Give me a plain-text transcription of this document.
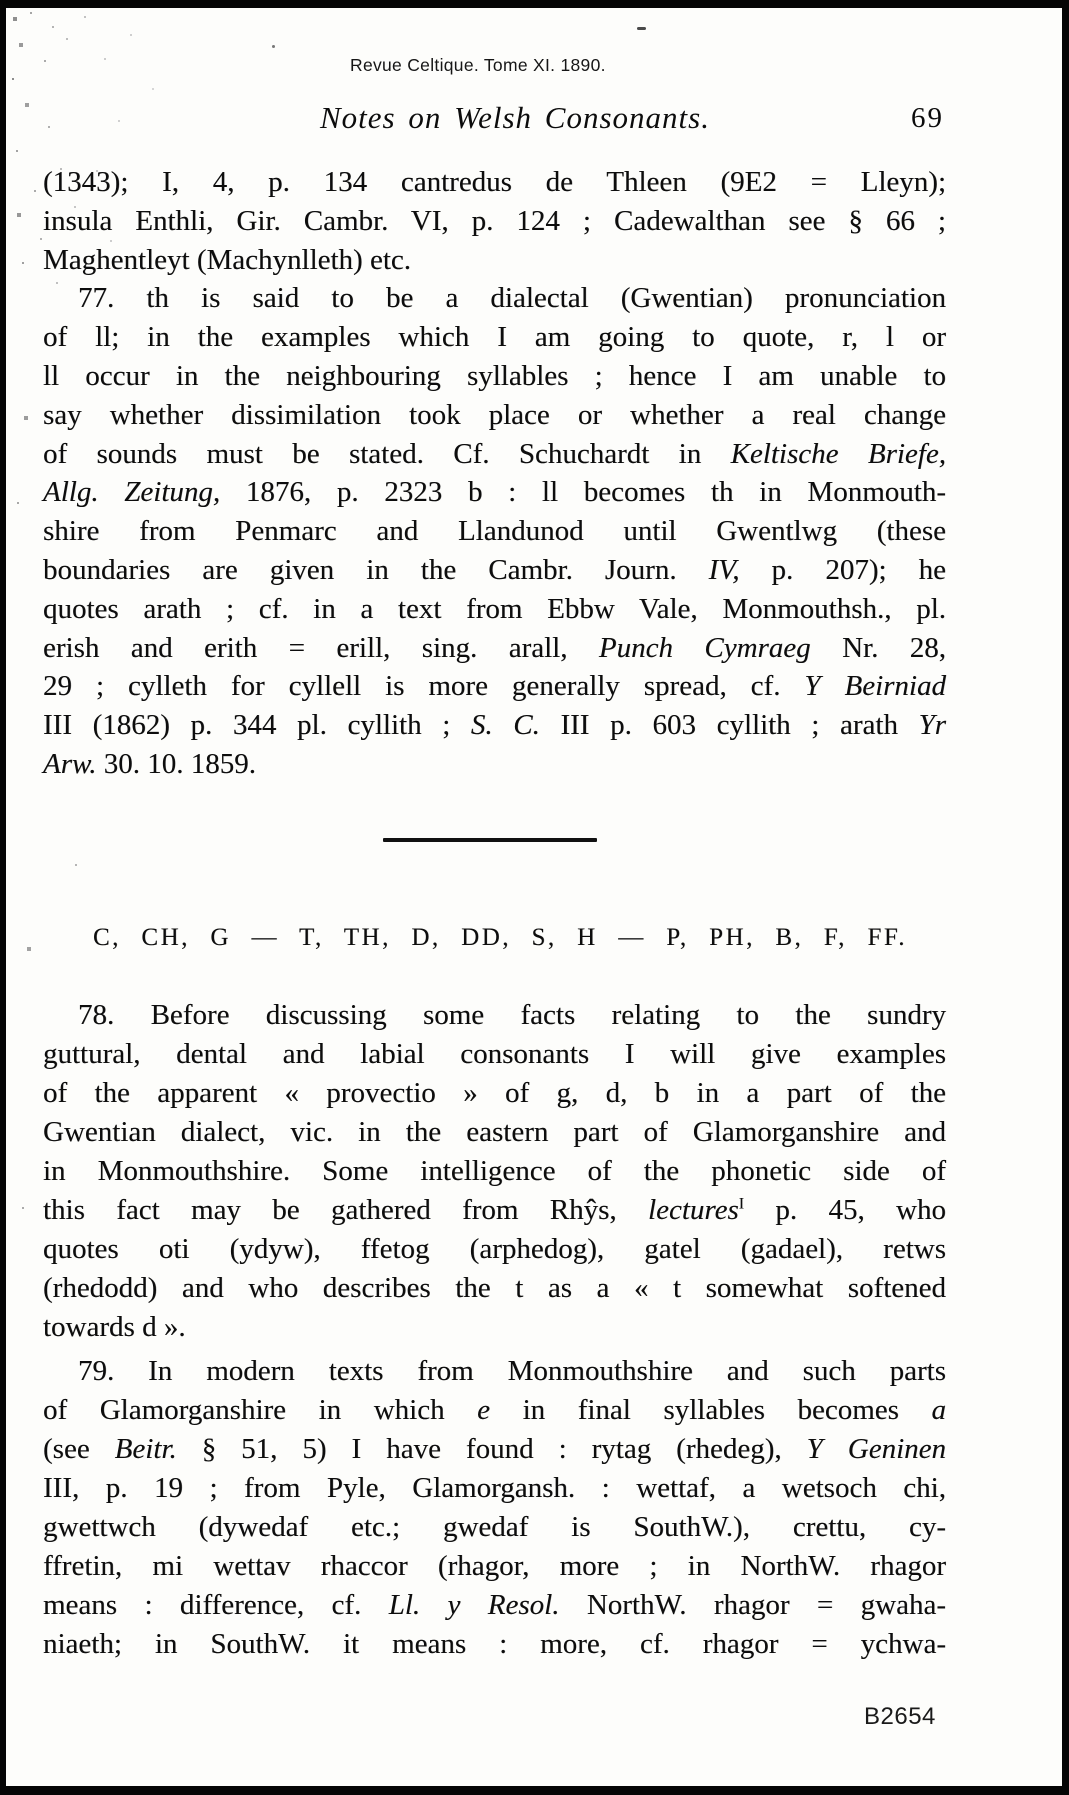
Revue Celtique. Tome XI. 1890.
Notes on Welsh Consonants.	69
(1343); I, 4, p. 134 cantredus de Thleen (9E2 = Lleyn);
insula Enthli, Gir. Cambr. VI, p. 124 ; Cadewalthan see § 66 ;
Maghentleyt (Machynlleth) etc.
77. th is said to be a dialectal (Gwentian) pronunciation
of ll; in the examples which I am going to quote, r, l or
ll occur in the neighbouring syllables ; hence I am unable to
say whether dissimilation took place or whether a real change
of sounds must be stated. Cf. Schuchardt in Keltische Briefe,
Allg. Zeitung, 1876, p. 2323 b : ll becomes th in Monmouth-
shire from Penmarc and Llandunod until Gwentlwg (these
boundaries are given in the Cambr. Journ. IV, p. 207); he
quotes arath ; cf. in a text from Ebbw Vale, Monmouthsh., pl.
erish and erith = erill, sing. arall, Punch Cymraeg Nr. 28,
29 ; cylleth for cyllell is more generally spread, cf. Y Beirniad
III (1862) p. 344 pl. cyllith ; S. C. III p. 603 cyllith ; arath Yr
Arw. 30. 10. 1859.
C, CH, G — T, TH, D, DD, S, H — P, PH, B, F, FF.
78. Before discussing some facts relating to the sundry
guttural, dental and labial consonants I will give examples
of the apparent « provectio » of g, d, b in a part of the
Gwentian dialect, vic. in the eastern part of Glamorganshire and
in Monmouthshire. Some intelligence of the phonetic side of
this fact may be gathered from Rhŷs, lectures$^I$ p. 45, who
quotes oti (ydyw), ffetog (arphedog), gatel (gadael), retws
(rhedodd) and who describes the t as a « t somewhat softened
towards d ».
79. In modern texts from Monmouthshire and such parts
of Glamorganshire in which e in final syllables becomes a
(see Beitr. § 51, 5) I have found : rytag (rhedeg), Y Geninen
III, p. 19 ; from Pyle, Glamorgansh. : wettaf, a wetsoch chi,
gwettwch (dywedaf etc.; gwedaf is SouthW.), crettu, cy-
ffretin, mi wettav rhaccor (rhagor, more ; in NorthW. rhagor
means : difference, cf. Ll. y Resol. NorthW. rhagor = gwaha-
niaeth; in SouthW. it means : more, cf. rhagor = ychwa-
B2654
